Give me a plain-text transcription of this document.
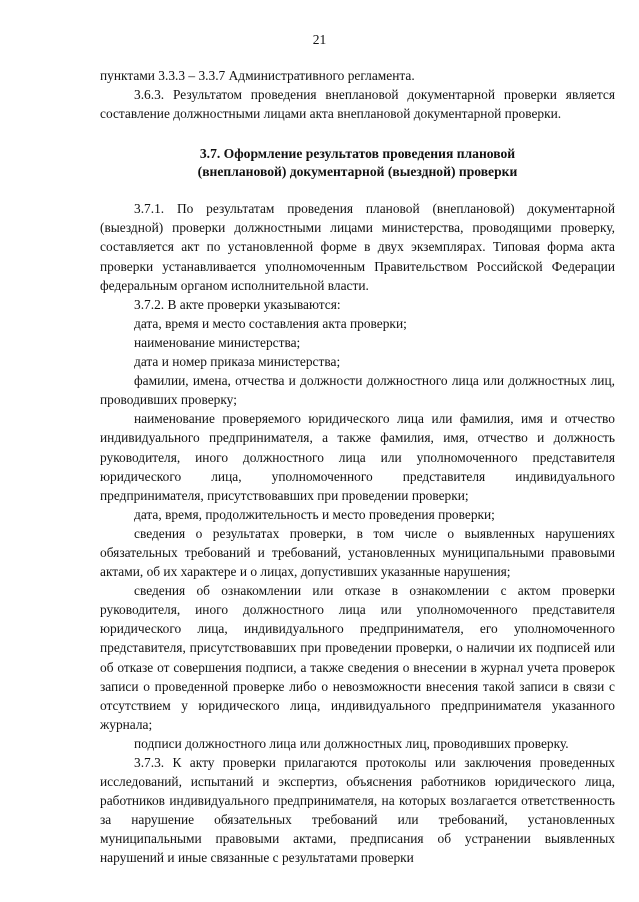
21

пунктами 3.3.3 – 3.3.7 Административного регламента.

3.6.3. Результатом проведения внеплановой документарной проверки является составление должностными лицами акта внеплановой документарной проверки.

3.7. Оформление результатов проведения плановой
(внеплановой) документарной (выездной) проверки

3.7.1. По результатам проведения плановой (внеплановой) документарной (выездной) проверки должностными лицами министерства, проводящими проверку, составляется акт по установленной форме в двух экземплярах. Типовая форма акта проверки устанавливается уполномоченным Правительством Российской Федерации федеральным органом исполнительной власти.

3.7.2. В акте проверки указываются:

дата, время и место составления акта проверки;

наименование министерства;

дата и номер приказа министерства;

фамилии, имена, отчества и должности должностного лица или должностных лиц, проводивших проверку;

наименование проверяемого юридического лица или фамилия, имя и отчество индивидуального предпринимателя, а также фамилия, имя, отчество и должность руководителя, иного должностного лица или уполномоченного представителя юридического лица, уполномоченного представителя индивидуального предпринимателя, присутствовавших при проведении проверки;

дата, время, продолжительность и место проведения проверки;

сведения о результатах проверки, в том числе о выявленных нарушениях обязательных требований и требований, установленных муниципальными правовыми актами, об их характере и о лицах, допустивших указанные нарушения;

сведения об ознакомлении или отказе в ознакомлении с актом проверки руководителя, иного должностного лица или уполномоченного представителя юридического лица, индивидуального предпринимателя, его уполномоченного представителя, присутствовавших при проведении проверки, о наличии их подписей или об отказе от совершения подписи, а также сведения о внесении в журнал учета проверок записи о проведенной проверке либо о невозможности внесения такой записи в связи с отсутствием у юридического лица, индивидуального предпринимателя указанного журнала;

подписи должностного лица или должностных лиц, проводивших проверку.

3.7.3. К акту проверки прилагаются протоколы или заключения проведенных исследований, испытаний и экспертиз, объяснения работников юридического лица, работников индивидуального предпринимателя, на которых возлагается ответственность за нарушение обязательных требований или требований, установленных муниципальными правовыми актами, предписания об устранении выявленных нарушений и иные связанные с результатами проверки
